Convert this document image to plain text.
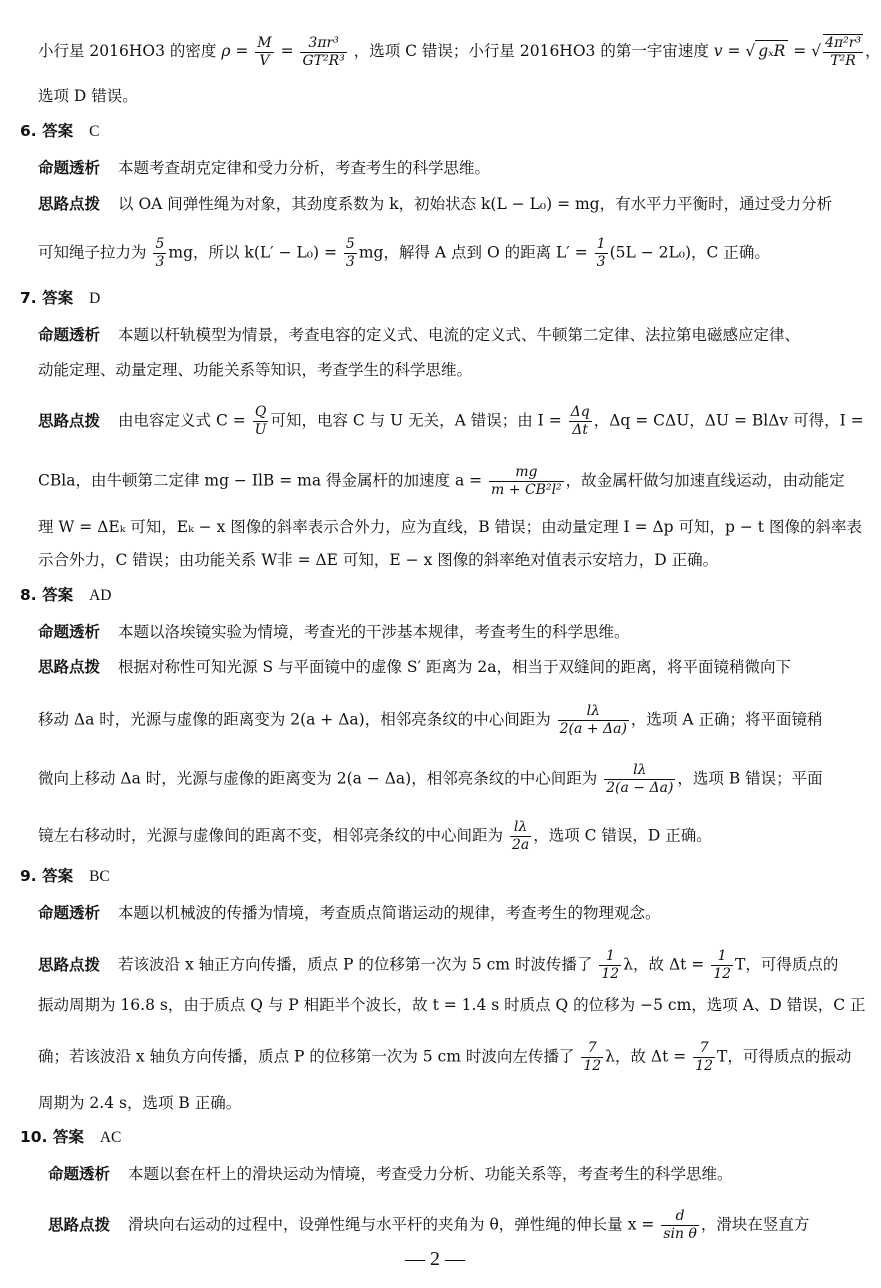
小行星 2016HO3 的密度 $\rho = \frac{M}{V} = \frac{\text{3πr³}}{\text{GT²R³}}$ ，选项 C 错误；小行星 2016HO3 的第一宇宙速度 v = √ gₓR = √ $\frac{\text{4π²r³}}{\text{T²R}}$ ，
选项 D 错误。
6. 答案 C
命题透析 本题考查胡克定律和受力分析，考查考生的科学思维。
思路点拨 以 OA 间弹性绳为对象，其劲度系数为 k，初始状态 k(L − L₀) = mg，有水平力平衡时，通过受力分析
可知绳子拉力为 $\frac{5}{3}$ mg，所以 $k(L' - L_0) = \frac{5}{3}$ mg，解得 A 点到 O 的距离 $L' = \frac{1}{3} (5L - 2L_0)$，C 正确。
7. 答案 D
命题透析 本题以杆轨模型为情景，考查电容的定义式、电流的定义式、牛顿第二定律、法拉第电磁感应定律、
动能定理、动量定理、功能关系等知识，考查学生的科学思维。
思路点拨 由电容定义式 $C = \frac{Q}{U}$ 可知，电容 C 与 U 无关，A 错误；由 $I = \frac{\Delta q}{\Delta t}$ ，Δq = CΔU，ΔU = BlΔv 可得，I =
CBla，由牛顿第二定律 mg − IlB = ma 得金属杆的加速度 $a = \frac{mg}{\text{m + CB²l²}}$ ，故金属杆做匀加速直线运动，由动能定
理 W = ΔEₖ 可知，Eₖ − x 图像的斜率表示合外力，应为直线，B 错误；由动量定理 I = Δp 可知，p − t 图像的斜率表
示合外力，C 错误；由功能关系 W非 = ΔE 可知，E − x 图像的斜率绝对值表示安培力，D 正确。
8. 答案 AD
命题透析 本题以洛埃镜实验为情境，考查光的干涉基本规律，考查考生的科学思维。
思路点拨 根据对称性可知光源 S 与平面镜中的虚像 S′ 距离为 2a，相当于双缝间的距离，将平面镜稍微向下
移动 Δa 时，光源与虚像的距离变为 2(a + Δa)，相邻亮条纹的中心间距为 $\frac{l\lambda}{2(a + \Delta a)}$ ，选项 A 正确；将平面镜稍
微向上移动 Δa 时，光源与虚像的距离变为 2(a − Δa)，相邻亮条纹的中心间距为 $\frac{l\lambda}{2(a - \Delta a)}$ ，选项 B 错误；平面
镜左右移动时，光源与虚像间的距离不变，相邻亮条纹的中心间距为 $\frac{l\lambda}{2a}$ ，选项 C 错误，D 正确。
9. 答案 BC
命题透析 本题以机械波的传播为情境，考查质点简谐运动的规律，考查考生的物理观念。
思路点拨 若该波沿 x 轴正方向传播，质点 P 的位移第一次为 5 cm 时波传播了 $\frac{1}{12}$ λ，故 $\Delta t = \frac{1}{12}$ T，可得质点的
振动周期为 16.8 s，由于质点 Q 与 P 相距半个波长，故 t = 1.4 s 时质点 Q 的位移为 −5 cm，选项 A、D 错误，C 正
确；若该波沿 x 轴负方向传播，质点 P 的位移第一次为 5 cm 时波向左传播了 $\frac{7}{12}$ λ，故 $\Delta t = \frac{7}{12}$ T，可得质点的振动
周期为 2.4 s，选项 B 正确。
10. 答案 AC
命题透析 本题以套在杆上的滑块运动为情境，考查受力分析、功能关系等，考查考生的科学思维。
思路点拨 滑块向右运动的过程中，设弹性绳与水平杆的夹角为 θ，弹性绳的伸长量 $x = \frac{d}{\text{sin θ}}$ ，滑块在竖直方
— 2 —
